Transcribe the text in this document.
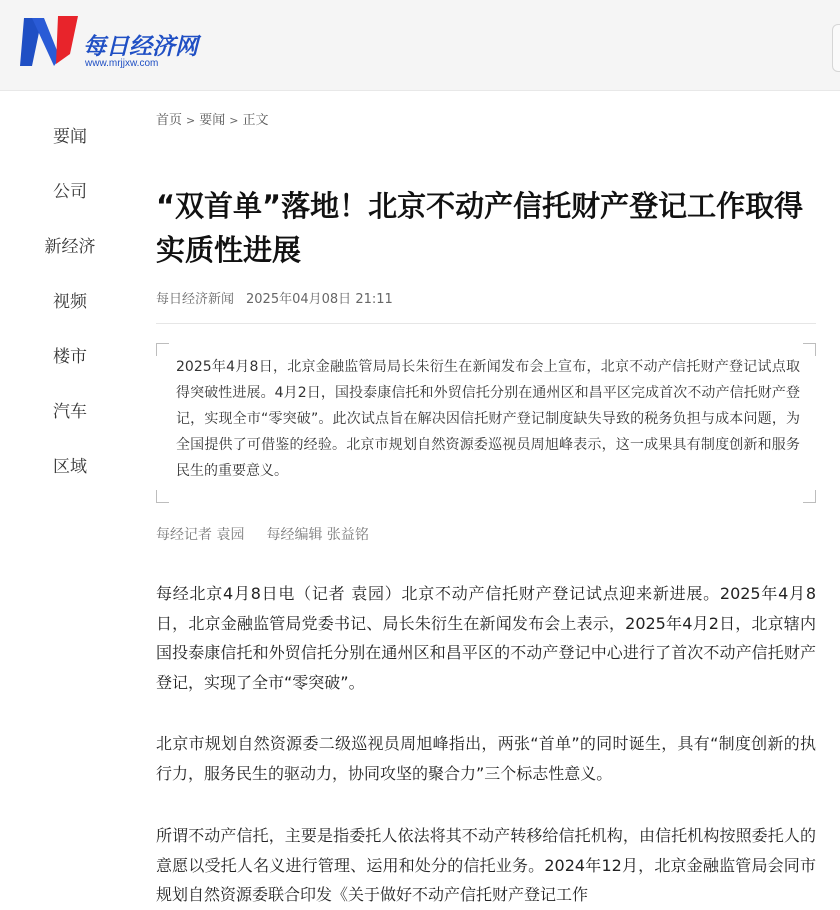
每日经济网
www.mrjjxw.com
要闻
公司
新经济
视频
楼市
汽车
区域
首页 > 要闻 > 正文
“双首单”落地！北京不动产信托财产登记工作取得实质性进展
每日经济新闻 2025年04月08日 21:11

2025年4月8日，北京金融监管局局长朱衍生在新闻发布会上宣布，北京不动产信托财产登记试点取得突破性进展。4月2日，国投泰康信托和外贸信托分别在通州区和昌平区完成首次不动产信托财产登记，实现全市“零突破”。此次试点旨在解决因信托财产登记制度缺失导致的税务负担与成本问题，为全国提供了可借鉴的经验。北京市规划自然资源委巡视员周旭峰表示，这一成果具有制度创新和服务民生的重要意义。

每经记者 袁园 每经编辑 张益铭

每经北京4月8日电（记者 袁园）北京不动产信托财产登记试点迎来新进展。2025年4月8日，北京金融监管局党委书记、局长朱衍生在新闻发布会上表示，2025年4月2日，北京辖内国投泰康信托和外贸信托分别在通州区和昌平区的不动产登记中心进行了首次不动产信托财产登记，实现了全市“零突破”。

北京市规划自然资源委二级巡视员周旭峰指出，两张“首单”的同时诞生，具有“制度创新的执行力，服务民生的驱动力，协同攻坚的聚合力”三个标志性意义。

所谓不动产信托，主要是指委托人依法将其不动产转移给信托机构，由信托机构按照委托人的意愿以受托人名义进行管理、运用和处分的信托业务。2024年12月，北京金融监管局会同市规划自然资源委联合印发《关于做好不动产信托财产登记工作
